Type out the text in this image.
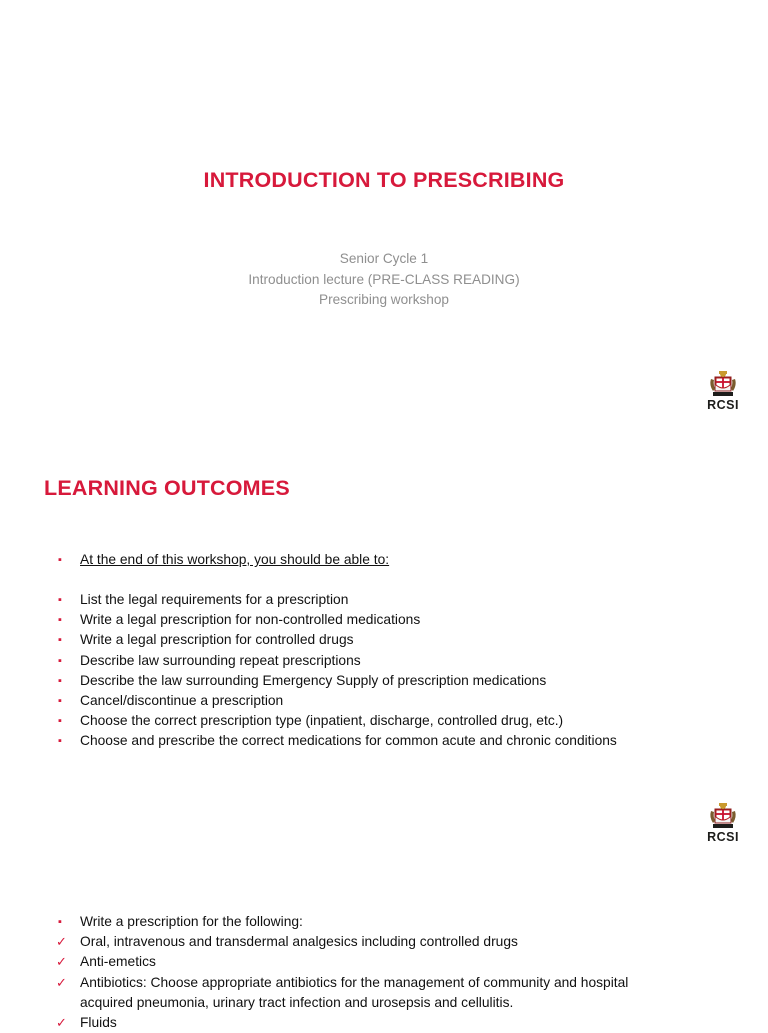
INTRODUCTION TO PRESCRIBING
Senior Cycle 1
Introduction lecture (PRE-CLASS READING)
Prescribing workshop
RCSI
LEARNING OUTCOMES
▪ At the end of this workshop, you should be able to:
▪ List the legal requirements for a prescription
▪ Write a legal prescription for non-controlled medications
▪ Write a legal prescription for controlled drugs
▪ Describe law surrounding repeat prescriptions
▪ Describe the law surrounding Emergency Supply of prescription medications
▪ Cancel/discontinue a prescription
▪ Choose the correct prescription type (inpatient, discharge, controlled drug, etc.)
▪ Choose and prescribe the correct medications for common acute and chronic conditions
RCSI
▪ Write a prescription for the following:
✓ Oral, intravenous and transdermal analgesics including controlled drugs
✓ Anti-emetics
✓ Antibiotics: Choose appropriate antibiotics for the management of community and hospital acquired pneumonia, urinary tract infection and urosepsis and cellulitis.
✓ Fluids
